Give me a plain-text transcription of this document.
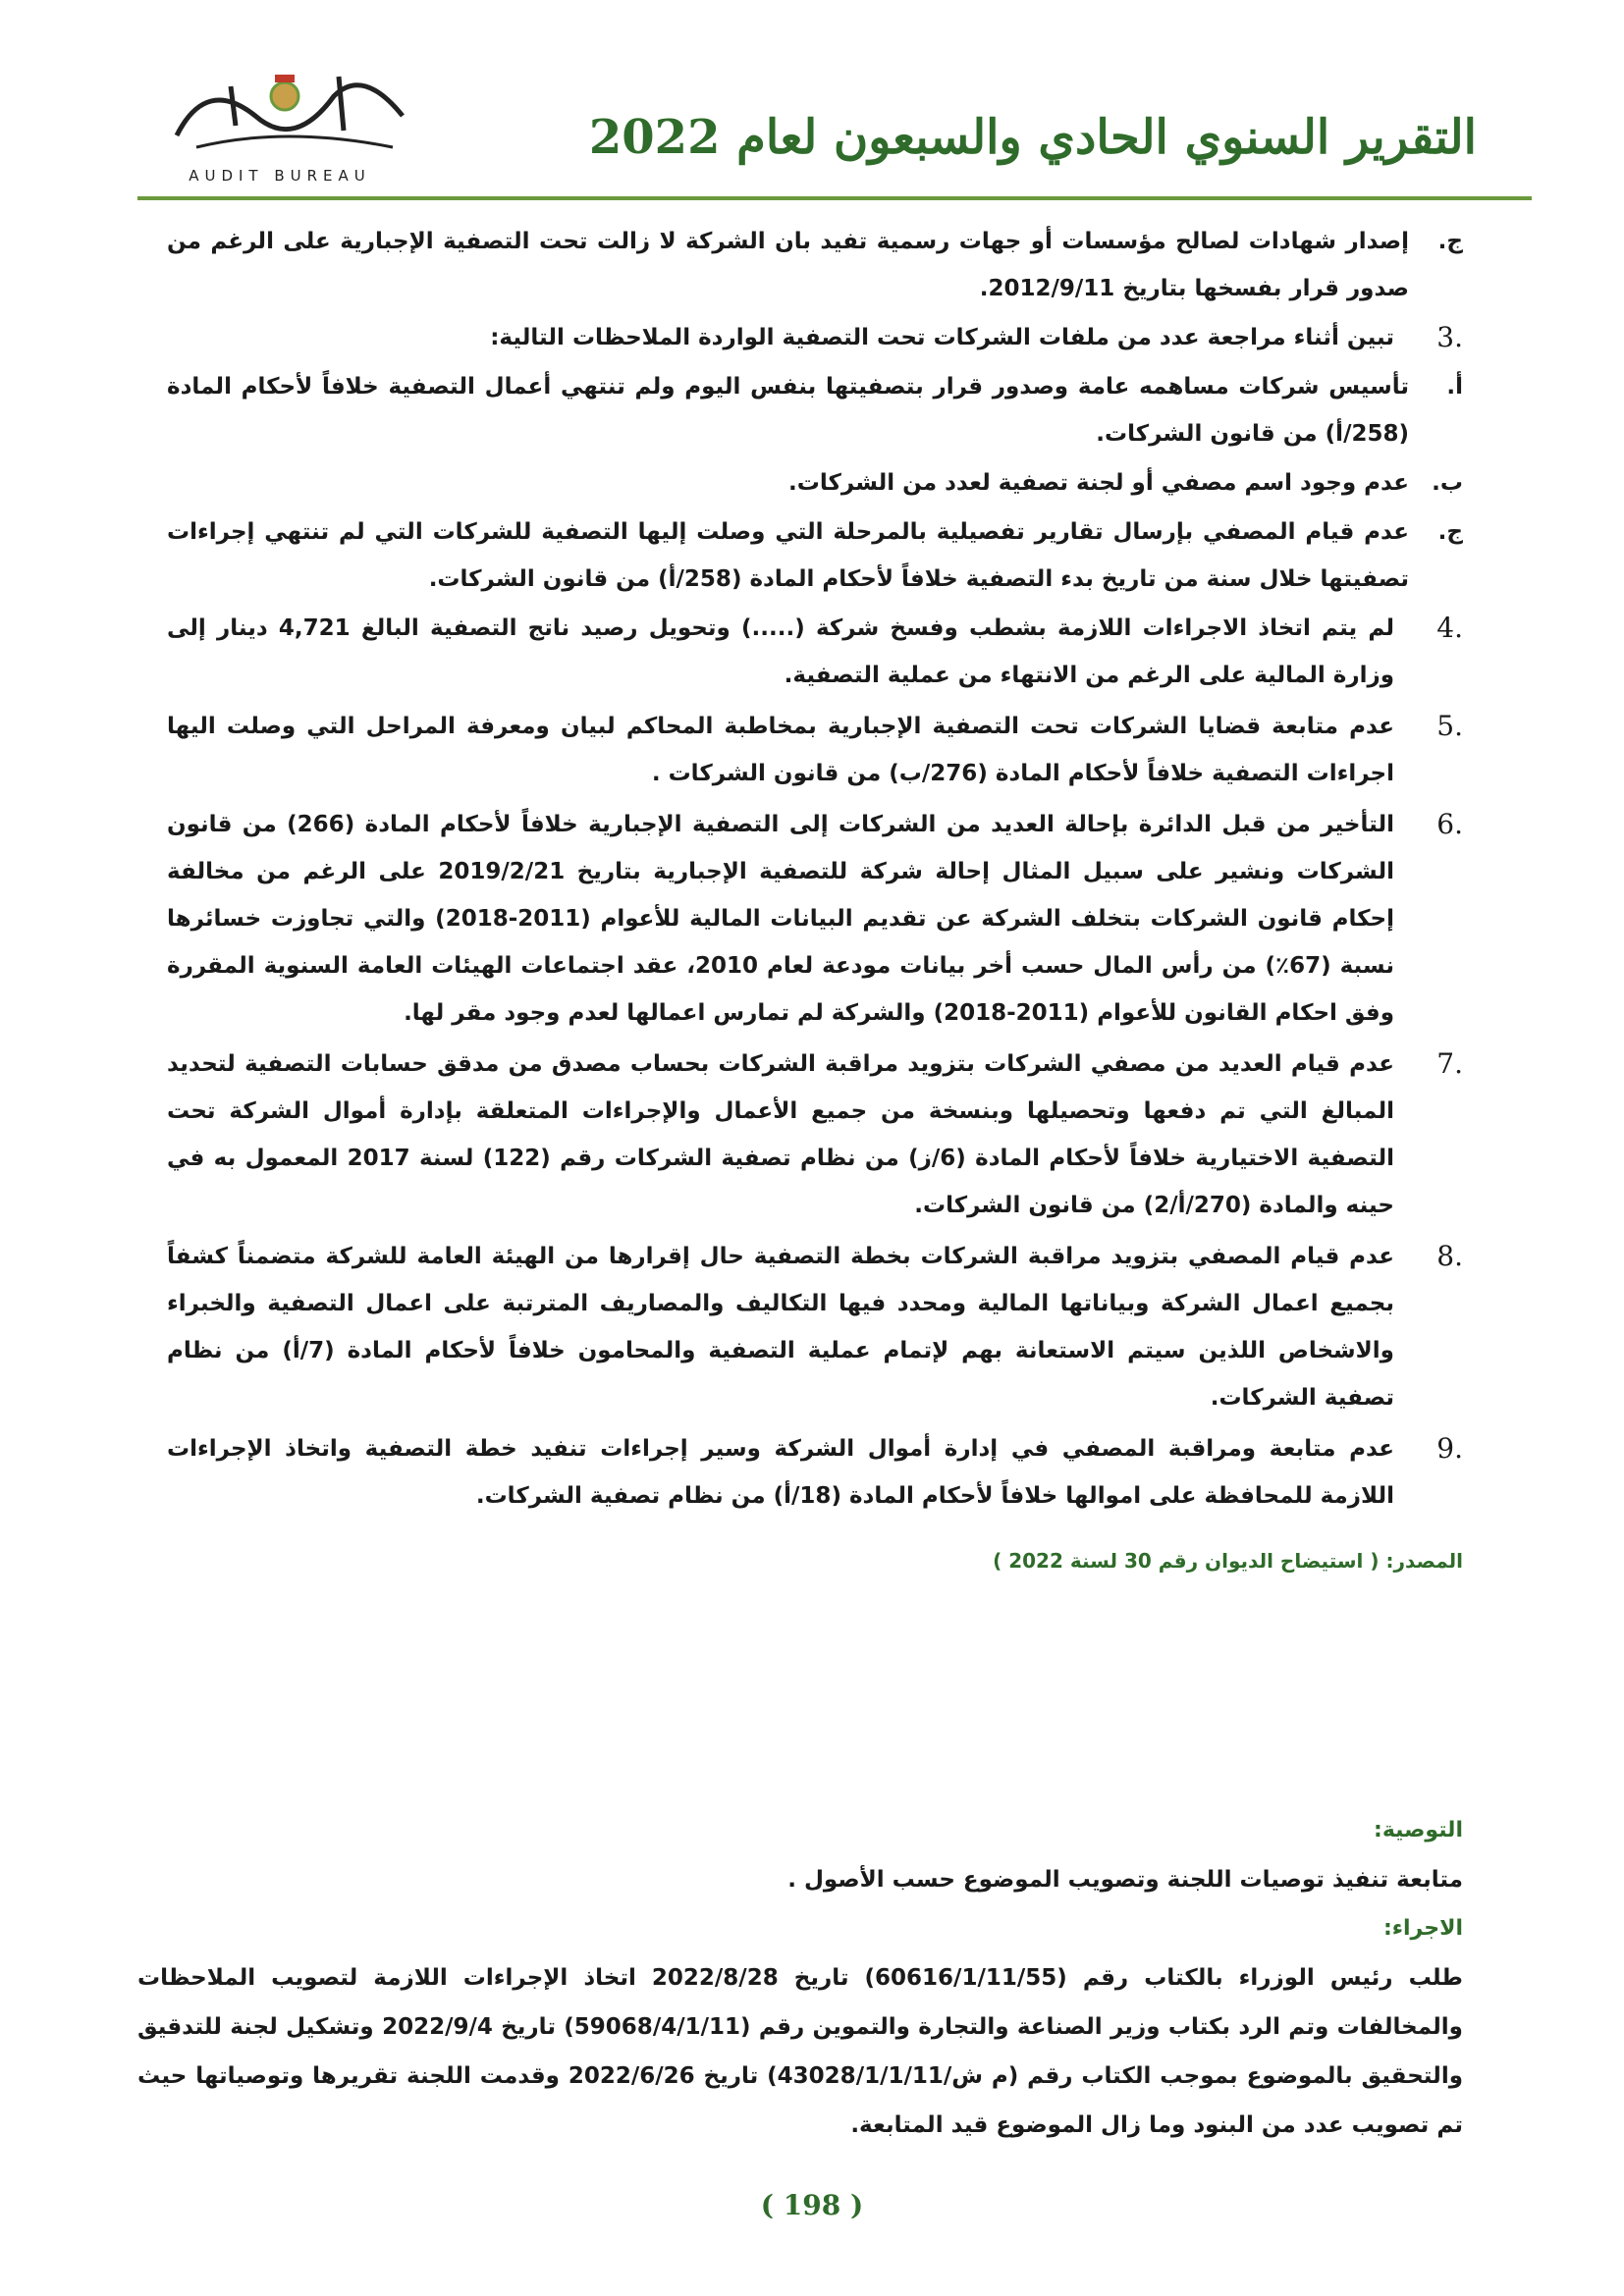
AUDIT BUREAU
التقرير السنوي الحادي والسبعون لعام 2022
ج.
إصدار شهادات لصالح مؤسسات أو جهات رسمية تفيد بان الشركة لا زالت تحت التصفية الإجبارية على الرغم من صدور قرار بفسخها بتاريخ 2012/9/11.
.3
تبين أثناء مراجعة عدد من ملفات الشركات تحت التصفية الواردة الملاحظات التالية:
أ.
تأسيس شركات مساهمه عامة وصدور قرار بتصفيتها بنفس اليوم ولم تنتهي أعمال التصفية خلافاً لأحكام المادة (258/أ) من قانون الشركات.
ب.
عدم وجود اسم مصفي أو لجنة تصفية لعدد من الشركات.
ج.
عدم قيام المصفي بإرسال تقارير تفصيلية بالمرحلة التي وصلت إليها التصفية للشركات التي لم تنتهي إجراءات تصفيتها خلال سنة من تاريخ بدء التصفية خلافاً لأحكام المادة (258/أ) من قانون الشركات.
.4
لم يتم اتخاذ الاجراءات اللازمة بشطب وفسخ شركة (.....) وتحويل رصيد ناتج التصفية البالغ 4,721 دينار إلى وزارة المالية على الرغم من الانتهاء من عملية التصفية.
.5
عدم متابعة قضايا الشركات تحت التصفية الإجبارية بمخاطبة المحاكم لبيان ومعرفة المراحل التي وصلت اليها اجراءات التصفية خلافاً لأحكام المادة (276/ب) من قانون الشركات .
.6
التأخير من قبل الدائرة بإحالة العديد من الشركات إلى التصفية الإجبارية خلافاً لأحكام المادة (266) من قانون الشركات ونشير على سبيل المثال إحالة شركة للتصفية الإجبارية بتاريخ 2019/2/21 على الرغم من مخالفة إحكام قانون الشركات بتخلف الشركة عن تقديم البيانات المالية للأعوام (2011-2018) والتي تجاوزت خسائرها نسبة (67٪) من رأس المال حسب أخر بيانات مودعة لعام 2010، عقد اجتماعات الهيئات العامة السنوية المقررة وفق احكام القانون للأعوام (2011-2018) والشركة لم تمارس اعمالها لعدم وجود مقر لها.
.7
عدم قيام العديد من مصفي الشركات بتزويد مراقبة الشركات بحساب مصدق من مدقق حسابات التصفية لتحديد المبالغ التي تم دفعها وتحصيلها وبنسخة من جميع الأعمال والإجراءات المتعلقة بإدارة أموال الشركة تحت التصفية الاختيارية خلافاً لأحكام المادة (6/ز) من نظام تصفية الشركات رقم (122) لسنة 2017 المعمول به في حينه والمادة (270/أ/2) من قانون الشركات.
.8
عدم قيام المصفي بتزويد مراقبة الشركات بخطة التصفية حال إقرارها من الهيئة العامة للشركة متضمناً كشفاً بجميع اعمال الشركة وبياناتها المالية ومحدد فيها التكاليف والمصاريف المترتبة على اعمال التصفية والخبراء والاشخاص اللذين سيتم الاستعانة بهم لإتمام عملية التصفية والمحامون خلافاً لأحكام المادة (7/أ) من نظام تصفية الشركات.
.9
عدم متابعة ومراقبة المصفي في إدارة أموال الشركة وسير إجراءات تنفيد خطة التصفية واتخاذ الإجراءات اللازمة للمحافظة على اموالها خلافاً لأحكام المادة (18/أ) من نظام تصفية الشركات.
المصدر: ( استيضاح الديوان رقم 30 لسنة 2022 )
التوصية:
متابعة تنفيذ توصيات اللجنة وتصويب الموضوع حسب الأصول .
الاجراء:
طلب رئيس الوزراء بالكتاب رقم (60616/1/11/55) تاريخ 2022/8/28 اتخاذ الإجراءات اللازمة لتصويب الملاحظات والمخالفات وتم الرد بكتاب وزير الصناعة والتجارة والتموين رقم (59068/4/1/11) تاريخ 2022/9/4 وتشكيل لجنة للتدقيق والتحقيق بالموضوع بموجب الكتاب رقم (م ش/43028/1/1/11) تاريخ 2022/6/26 وقدمت اللجنة تقريرها وتوصياتها حيث تم تصويب عدد من البنود وما زال الموضوع قيد المتابعة.
( 198 )
